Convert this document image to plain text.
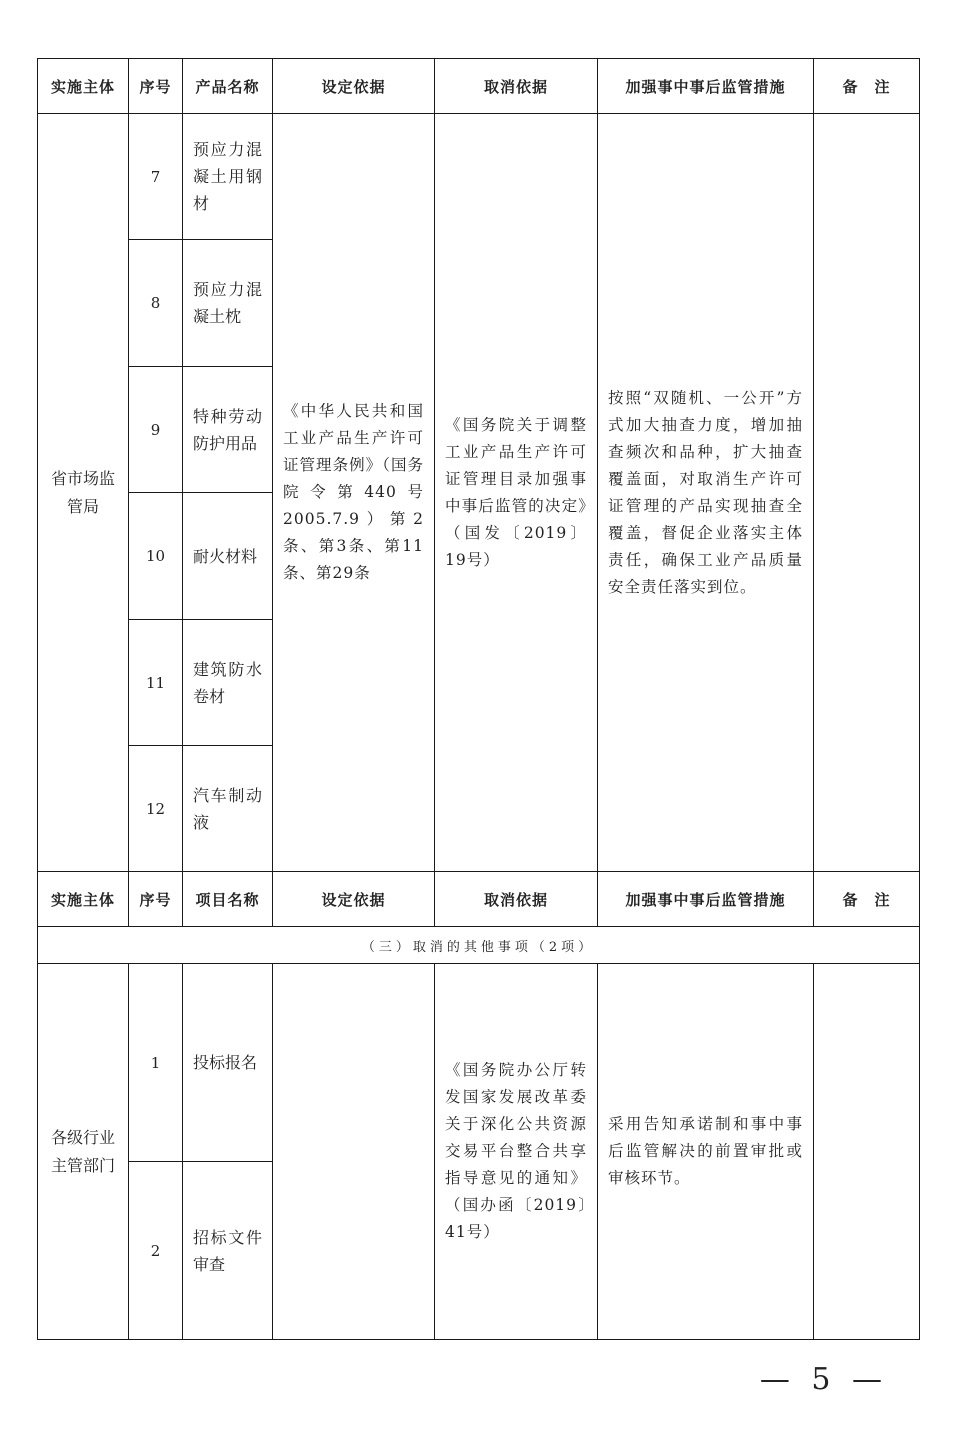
实施主体	序号	产品名称	设定依据	取消依据	加强事中事后监管措施	备　注
省市场监管局	7	预应力混凝土用钢材	《中华人民共和国工业产品生产许可证管理条例》（国务院令第440号2005.7.9）第2条、第3条、第11条、第29条	《国务院关于调整工业产品生产许可证管理目录加强事中事后监管的决定》（国发〔2019〕19号）	按照“双随机、一公开”方式加大抽查力度，增加抽查频次和品种，扩大抽查覆盖面，对取消生产许可证管理的产品实现抽查全覆盖，督促企业落实主体责任，确保工业产品质量安全责任落实到位。	
	8	预应力混凝土枕				
	9	特种劳动防护用品				
	10	耐火材料				
	11	建筑防水卷材				
	12	汽车制动液				
实施主体	序号	项目名称	设定依据	取消依据	加强事中事后监管措施	备　注
（三）取消的其他事项（2项）						
各级行业主管部门	1	投标报名		《国务院办公厅转发国家发展改革委关于深化公共资源交易平台整合共享指导意见的通知》（国办函〔2019〕41号）	采用告知承诺制和事中事后监管解决的前置审批或审核环节。	
	2	招标文件审查				
— 5 —
